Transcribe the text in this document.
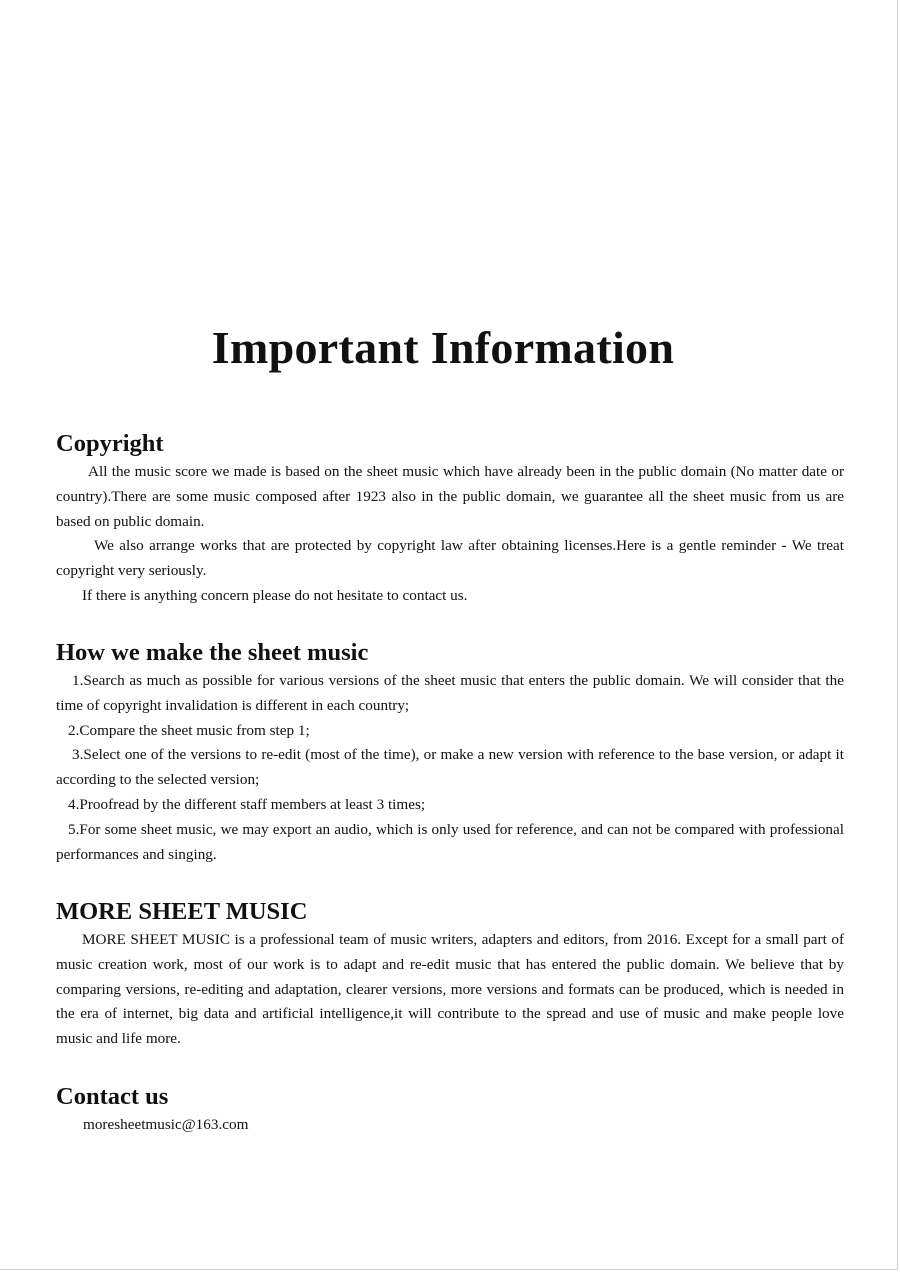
Important Information
Copyright

All the music score we made is based on the sheet music which have already been in the public domain (No matter date or country).There are some music composed after 1923 also in the public domain, we guarantee all the sheet music from us are based on public domain.

We also arrange works that are protected by copyright law after obtaining licenses.Here is a gentle reminder - We treat copyright very seriously.

If there is anything concern please do not hesitate to contact us.

How we make the sheet music

1.Search as much as possible for various versions of the sheet music that enters the public domain. We will consider that the time of copyright invalidation is different in each country;

2.Compare the sheet music from step 1;

3.Select one of the versions to re-edit (most of the time), or make a new version with reference to the base version, or adapt it according to the selected version;

4.Proofread by the different staff members at least 3 times;

5.For some sheet music, we may export an audio, which is only used for reference, and can not be compared with professional performances and singing.

MORE SHEET MUSIC

MORE SHEET MUSIC is a professional team of music writers, adapters and editors, from 2016. Except for a small part of music creation work, most of our work is to adapt and re-edit music that has entered the public domain. We believe that by comparing versions, re-editing and adaptation, clearer versions, more versions and formats can be produced, which is needed in the era of internet, big data and artificial intelligence,it will contribute to the spread and use of music and make people love music and life more.

Contact us

moresheetmusic@163.com
